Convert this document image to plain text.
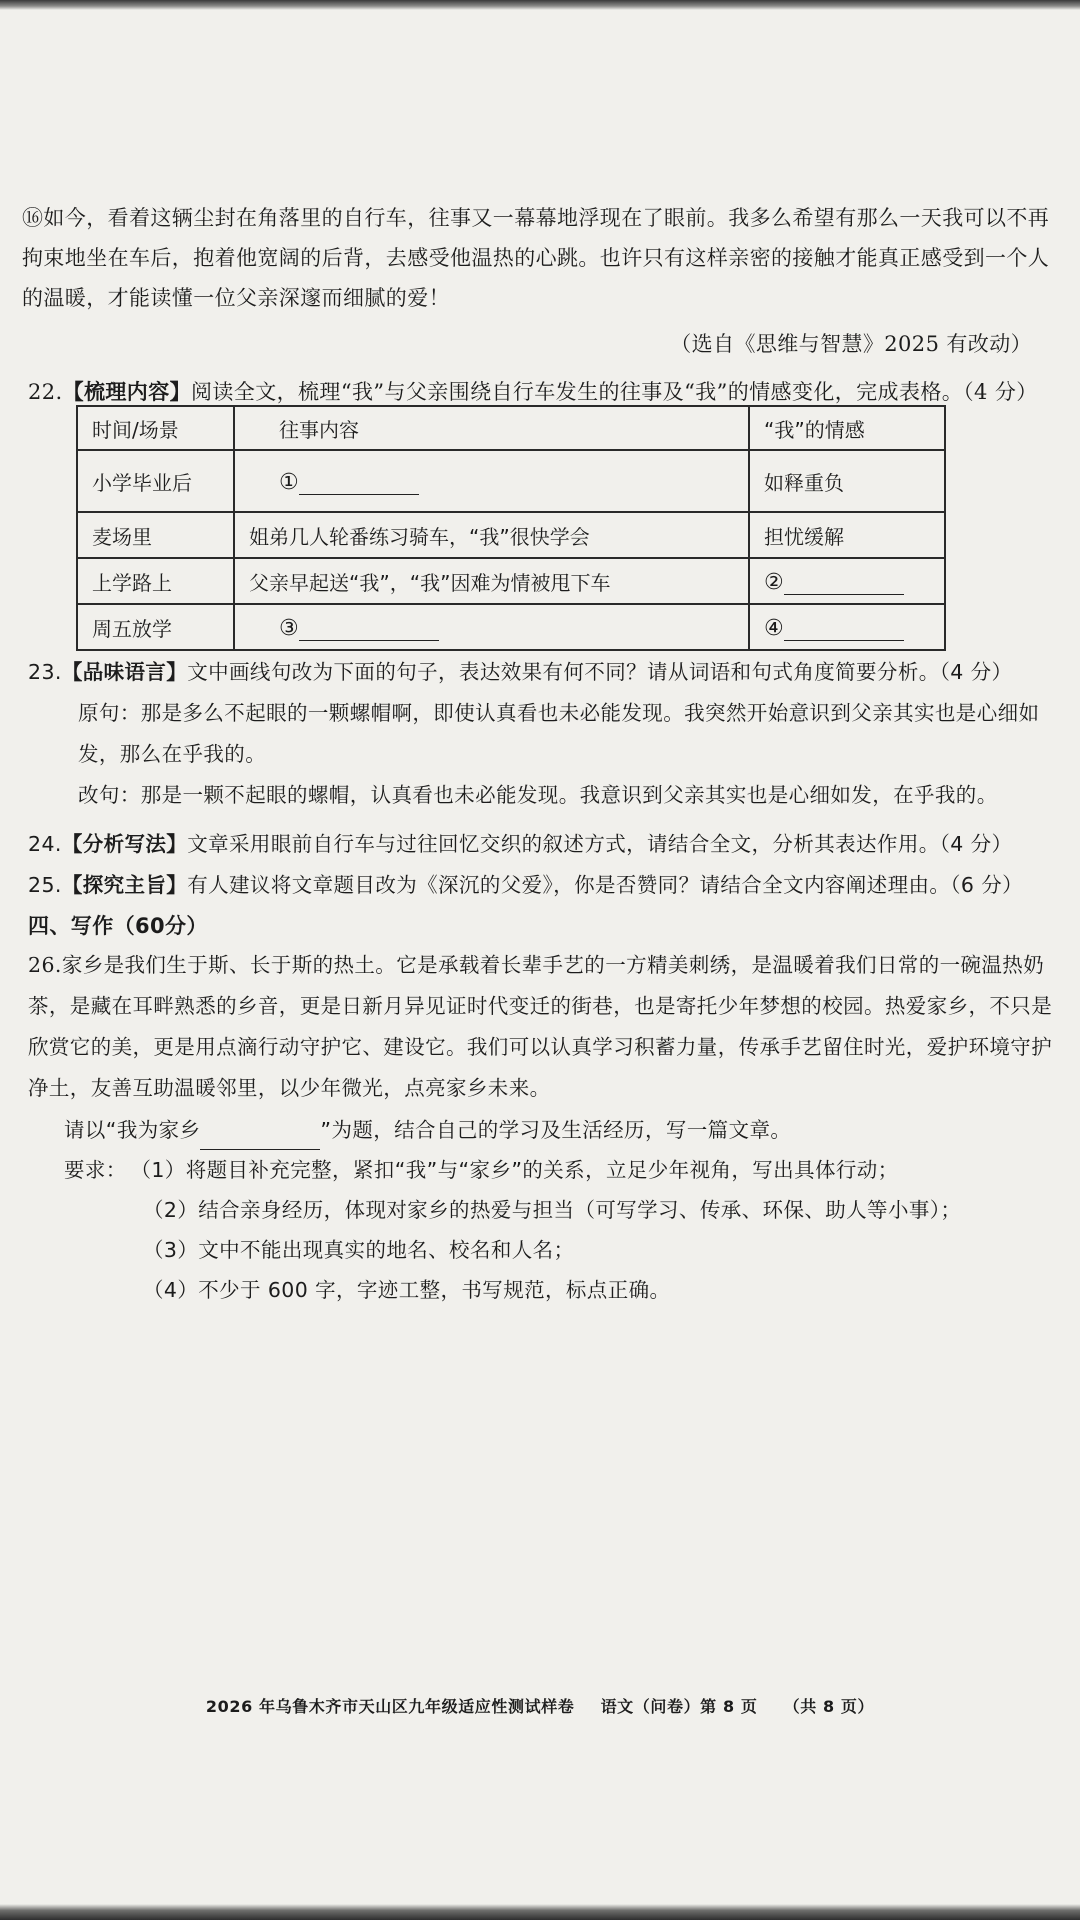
⑯如今，看着这辆尘封在角落里的自行车，往事又一幕幕地浮现在了眼前。我多么希望有那么一天我可以不再拘束地坐在车后，抱着他宽阔的后背，去感受他温热的心跳。也许只有这样亲密的接触才能真正感受到一个人的温暖，才能读懂一位父亲深邃而细腻的爱！

（选自《思维与智慧》2025 有改动）

22.【梳理内容】阅读全文，梳理“我”与父亲围绕自行车发生的往事及“我”的情感变化，完成表格。（4 分）

时间/场景	往事内容	“我”的情感
小学毕业后	①	如释重负
麦场里	姐弟几人轮番练习骑车，“我”很快学会	担忧缓解
上学路上	父亲早起送“我”，“我”因难为情被甩下车	②
周五放学	③	④

23.【品味语言】文中画线句改为下面的句子，表达效果有何不同？请从词语和句式角度简要分析。（4 分）

原句：那是多么不起眼的一颗螺帽啊，即使认真看也未必能发现。我突然开始意识到父亲其实也是心细如发，那么在乎我的。

改句：那是一颗不起眼的螺帽，认真看也未必能发现。我意识到父亲其实也是心细如发，在乎我的。

24.【分析写法】文章采用眼前自行车与过往回忆交织的叙述方式，请结合全文，分析其表达作用。（4 分）

25.【探究主旨】有人建议将文章题目改为《深沉的父爱》，你是否赞同？请结合全文内容阐述理由。（6 分）

四、写作（60分）

26.家乡是我们生于斯、长于斯的热土。它是承载着长辈手艺的一方精美刺绣，是温暖着我们日常的一碗温热奶茶，是藏在耳畔熟悉的乡音，更是日新月异见证时代变迁的街巷，也是寄托少年梦想的校园。热爱家乡，不只是欣赏它的美，更是用点滴行动守护它、建设它。我们可以认真学习积蓄力量，传承手艺留住时光，爱护环境守护净土，友善互助温暖邻里，以少年微光，点亮家乡未来。

请以“我为家乡	”为题，结合自己的学习及生活经历，写一篇文章。

要求： （1）将题目补充完整，紧扣“我”与“家乡”的关系，立足少年视角，写出具体行动；

（2）结合亲身经历，体现对家乡的热爱与担当（可写学习、传承、环保、助人等小事）；

（3）文中不能出现真实的地名、校名和人名；

（4）不少于 600 字，字迹工整，书写规范，标点正确。

2026 年乌鲁木齐市天山区九年级适应性测试样卷 语文（问卷）第 8 页 （共 8 页）
